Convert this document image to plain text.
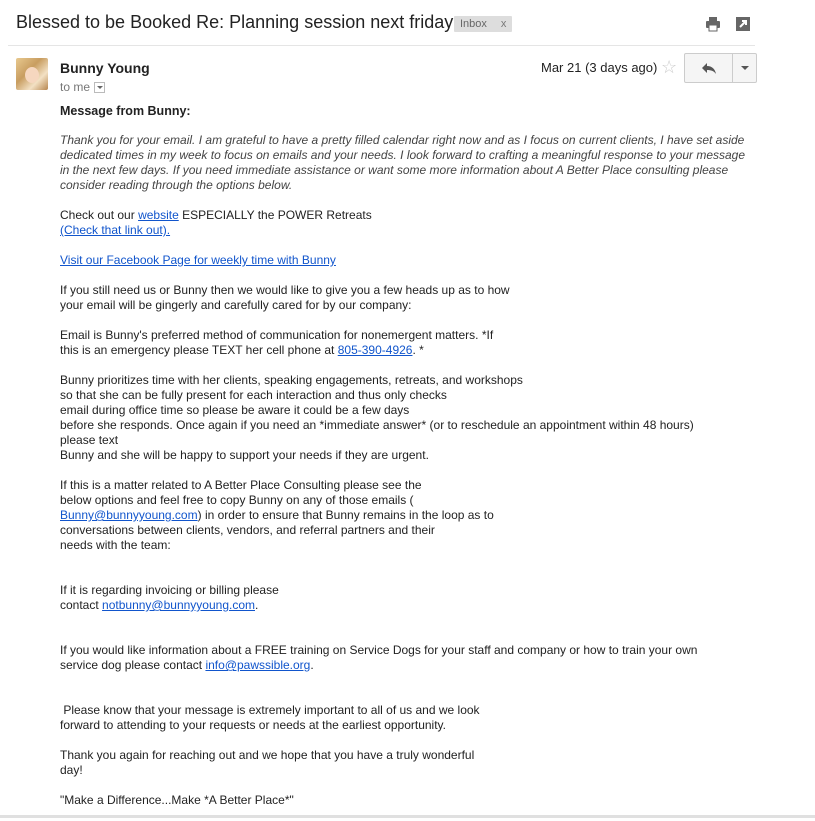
Blessed to be Booked Re: Planning session next friday Inbox x

Bunny Young
to me
Mar 21 (3 days ago) ☆

Message from Bunny:

Thank you for your email. I am grateful to have a pretty filled calendar right now and as I focus on current clients, I have set aside dedicated times in my week to focus on emails and your needs. I look forward to crafting a meaningful response to your message in the next few days. If you need immediate assistance or want some more information about A Better Place consulting please consider reading through the options below.

Check out our website ESPECIALLY the POWER Retreats

(Check that link out).

Visit our Facebook Page for weekly time with Bunny

If you still need us or Bunny then we would like to give you a few heads up as to how

your email will be gingerly and carefully cared for by our company:

Email is Bunny's preferred method of communication for nonemergent matters. *If

this is an emergency please TEXT her cell phone at 805-390-4926. *

Bunny prioritizes time with her clients, speaking engagements, retreats, and workshops

so that she can be fully present for each interaction and thus only checks

email during office time so please be aware it could be a few days

before she responds. Once again if you need an *immediate answer* (or to reschedule an appointment within 48 hours)

please text

Bunny and she will be happy to support your needs if they are urgent.

If this is a matter related to A Better Place Consulting please see the

below options and feel free to copy Bunny on any of those emails (

Bunny@bunnyyoung.com) in order to ensure that Bunny remains in the loop as to

conversations between clients, vendors, and referral partners and their

needs with the team:

If it is regarding invoicing or billing please

contact notbunny@bunnyyoung.com.

If you would like information about a FREE training on Service Dogs for your staff and company or how to train your own

service dog please contact info@pawssible.org.

Please know that your message is extremely important to all of us and we look

forward to attending to your requests or needs at the earliest opportunity.

Thank you again for reaching out and we hope that you have a truly wonderful

day!

"Make a Difference...Make *A Better Place*"
